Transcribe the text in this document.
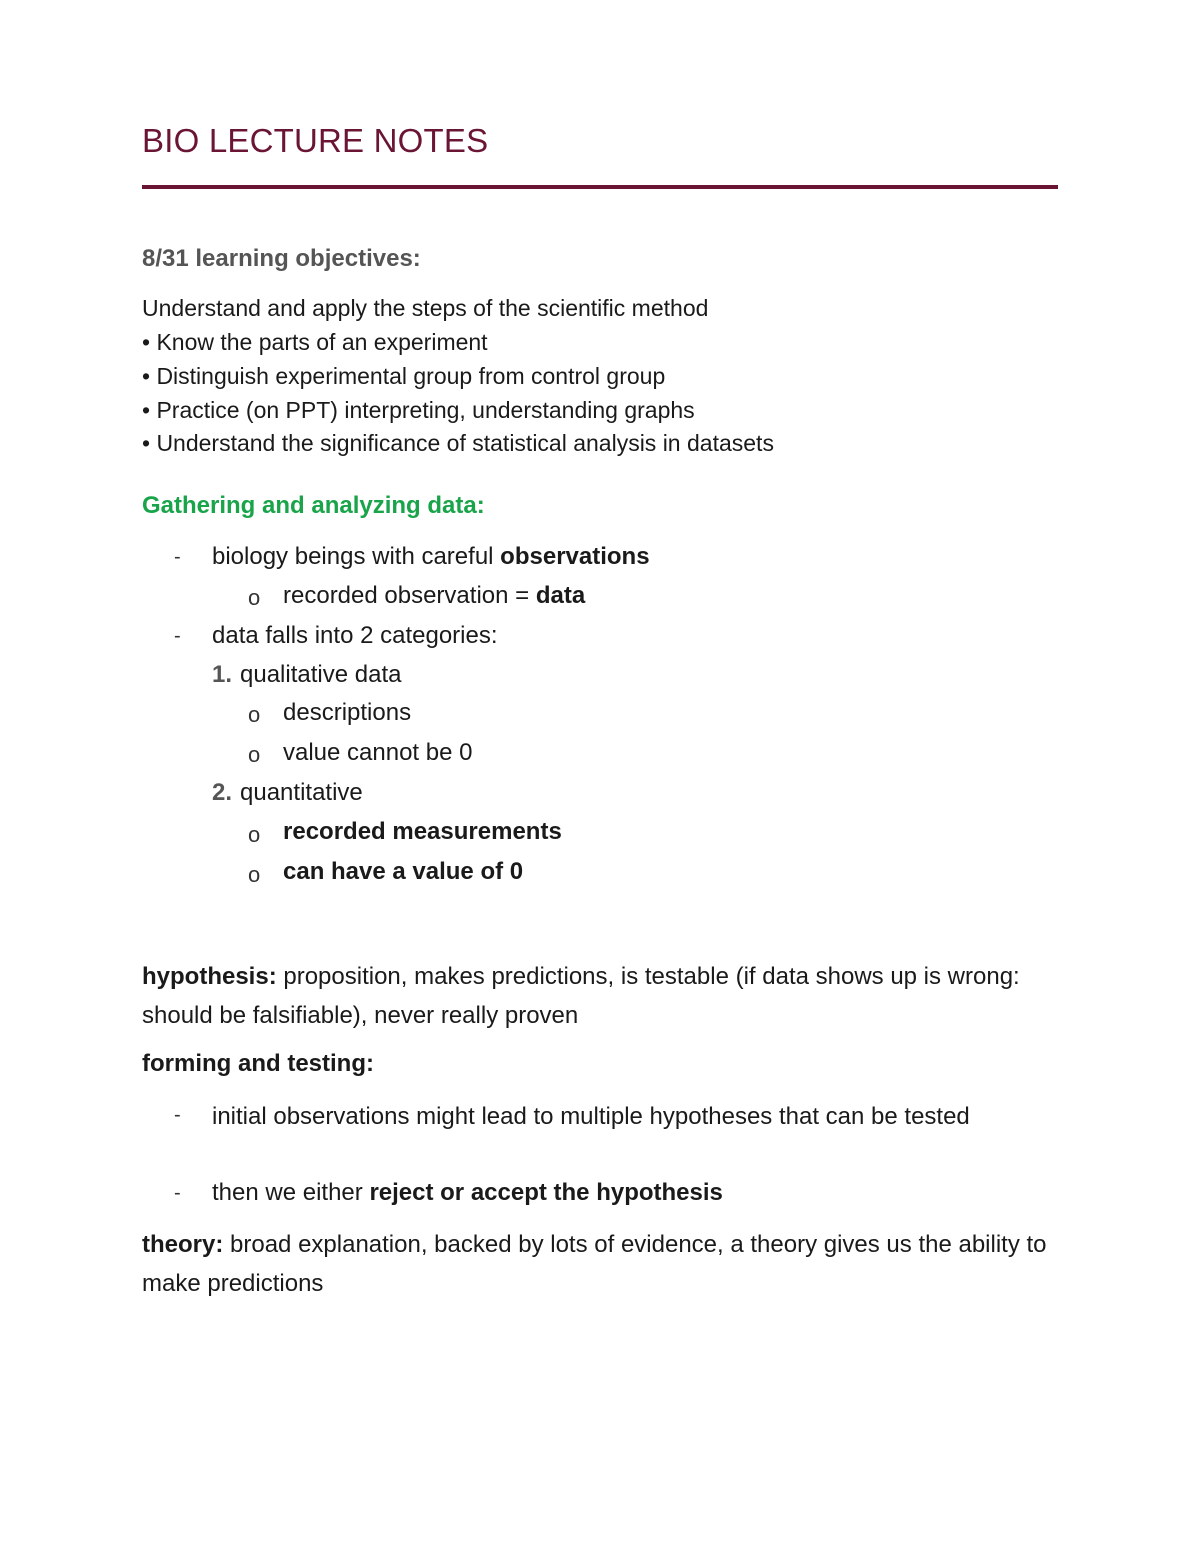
BIO LECTURE NOTES
8/31 learning objectives:
Understand and apply the steps of the scientific method
• Know the parts of an experiment
• Distinguish experimental group from control group
• Practice (on PPT) interpreting, understanding graphs
• Understand the significance of statistical analysis in datasets
Gathering and analyzing data:
- biology beings with careful observations
o recorded observation = data
- data falls into 2 categories:
1. qualitative data
o descriptions
o value cannot be 0
2. quantitative
o recorded measurements
o can have a value of 0
hypothesis: proposition, makes predictions, is testable (if data shows up is wrong: should be falsifiable), never really proven
forming and testing:
- initial observations might lead to multiple hypotheses that can be tested
- then we either reject or accept the hypothesis
theory: broad explanation, backed by lots of evidence, a theory gives us the ability to make predictions
